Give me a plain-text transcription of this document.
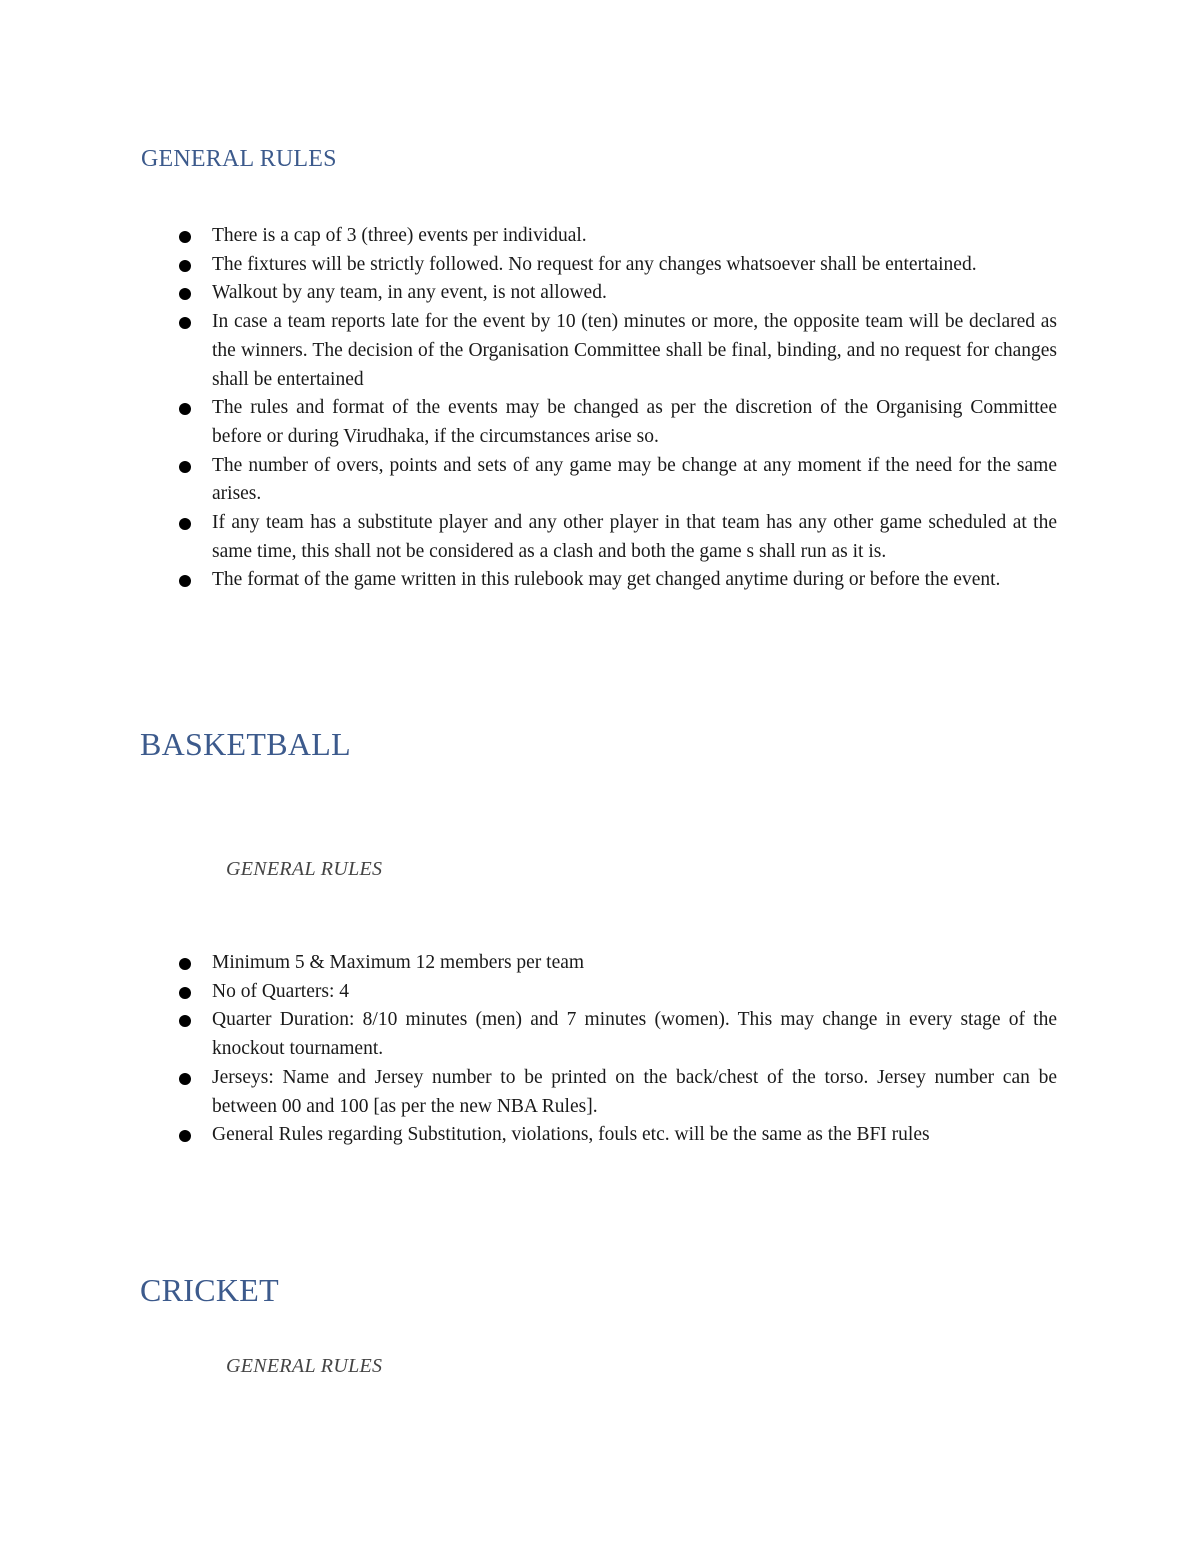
GENERAL RULES
There is a cap of 3 (three) events per individual.
The fixtures will be strictly followed. No request for any changes whatsoever shall be entertained.
Walkout by any team, in any event, is not allowed.
In case a team reports late for the event by 10 (ten) minutes or more, the opposite team will be declared as the winners. The decision of the Organisation Committee shall be final, binding, and no request for changes shall be entertained
The rules and format of the events may be changed as per the discretion of the Organising Committee before or during Virudhaka, if the circumstances arise so.
The number of overs, points and sets of any game may be change at any moment if the need for the same arises.
If any team has a substitute player and any other player in that team has any other game scheduled at the same time, this shall not be considered as a clash and both the game s shall run as it is.
The format of the game written in this rulebook may get changed anytime during or before the event.
BASKETBALL
GENERAL RULES
Minimum 5 & Maximum 12 members per team
No of Quarters: 4
Quarter Duration: 8/10 minutes (men) and 7 minutes (women). This may change in every stage of the knockout tournament.
Jerseys: Name and Jersey number to be printed on the back/chest of the torso. Jersey number can be between 00 and 100 [as per the new NBA Rules].
General Rules regarding Substitution, violations, fouls etc. will be the same as the BFI rules
CRICKET
GENERAL RULES
